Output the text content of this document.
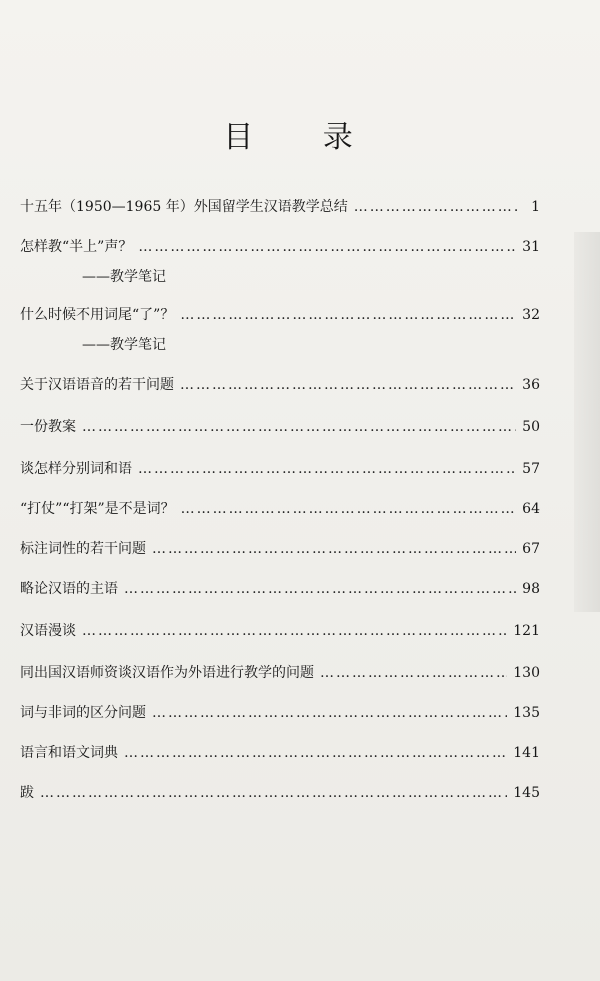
目 录
十五年（1950—1965 年）外国留学生汉语教学总结 ……………………………………………………………………………………………………………………………………………………………	1
怎样教“半上”声？ ……………………………………………………………………………………………………………………………………………………………	31
——教学笔记
什么时候不用词尾“了”？ ……………………………………………………………………………………………………………………………………………………………	32
——教学笔记
关于汉语语音的若干问题 ……………………………………………………………………………………………………………………………………………………………	36
一份教案 ……………………………………………………………………………………………………………………………………………………………	50
谈怎样分别词和语 ……………………………………………………………………………………………………………………………………………………………	57
“打仗”“打架”是不是词？ ……………………………………………………………………………………………………………………………………………………………	64
标注词性的若干问题 ……………………………………………………………………………………………………………………………………………………………	67
略论汉语的主语 ……………………………………………………………………………………………………………………………………………………………	98
汉语漫谈 ……………………………………………………………………………………………………………………………………………………………	121
同出国汉语师资谈汉语作为外语进行教学的问题 ……………………………………………………………………………………………………………………………………………………………	130
词与非词的区分问题 ……………………………………………………………………………………………………………………………………………………………	135
语言和语文词典 ……………………………………………………………………………………………………………………………………………………………	141
跋 ……………………………………………………………………………………………………………………………………………………………	145
